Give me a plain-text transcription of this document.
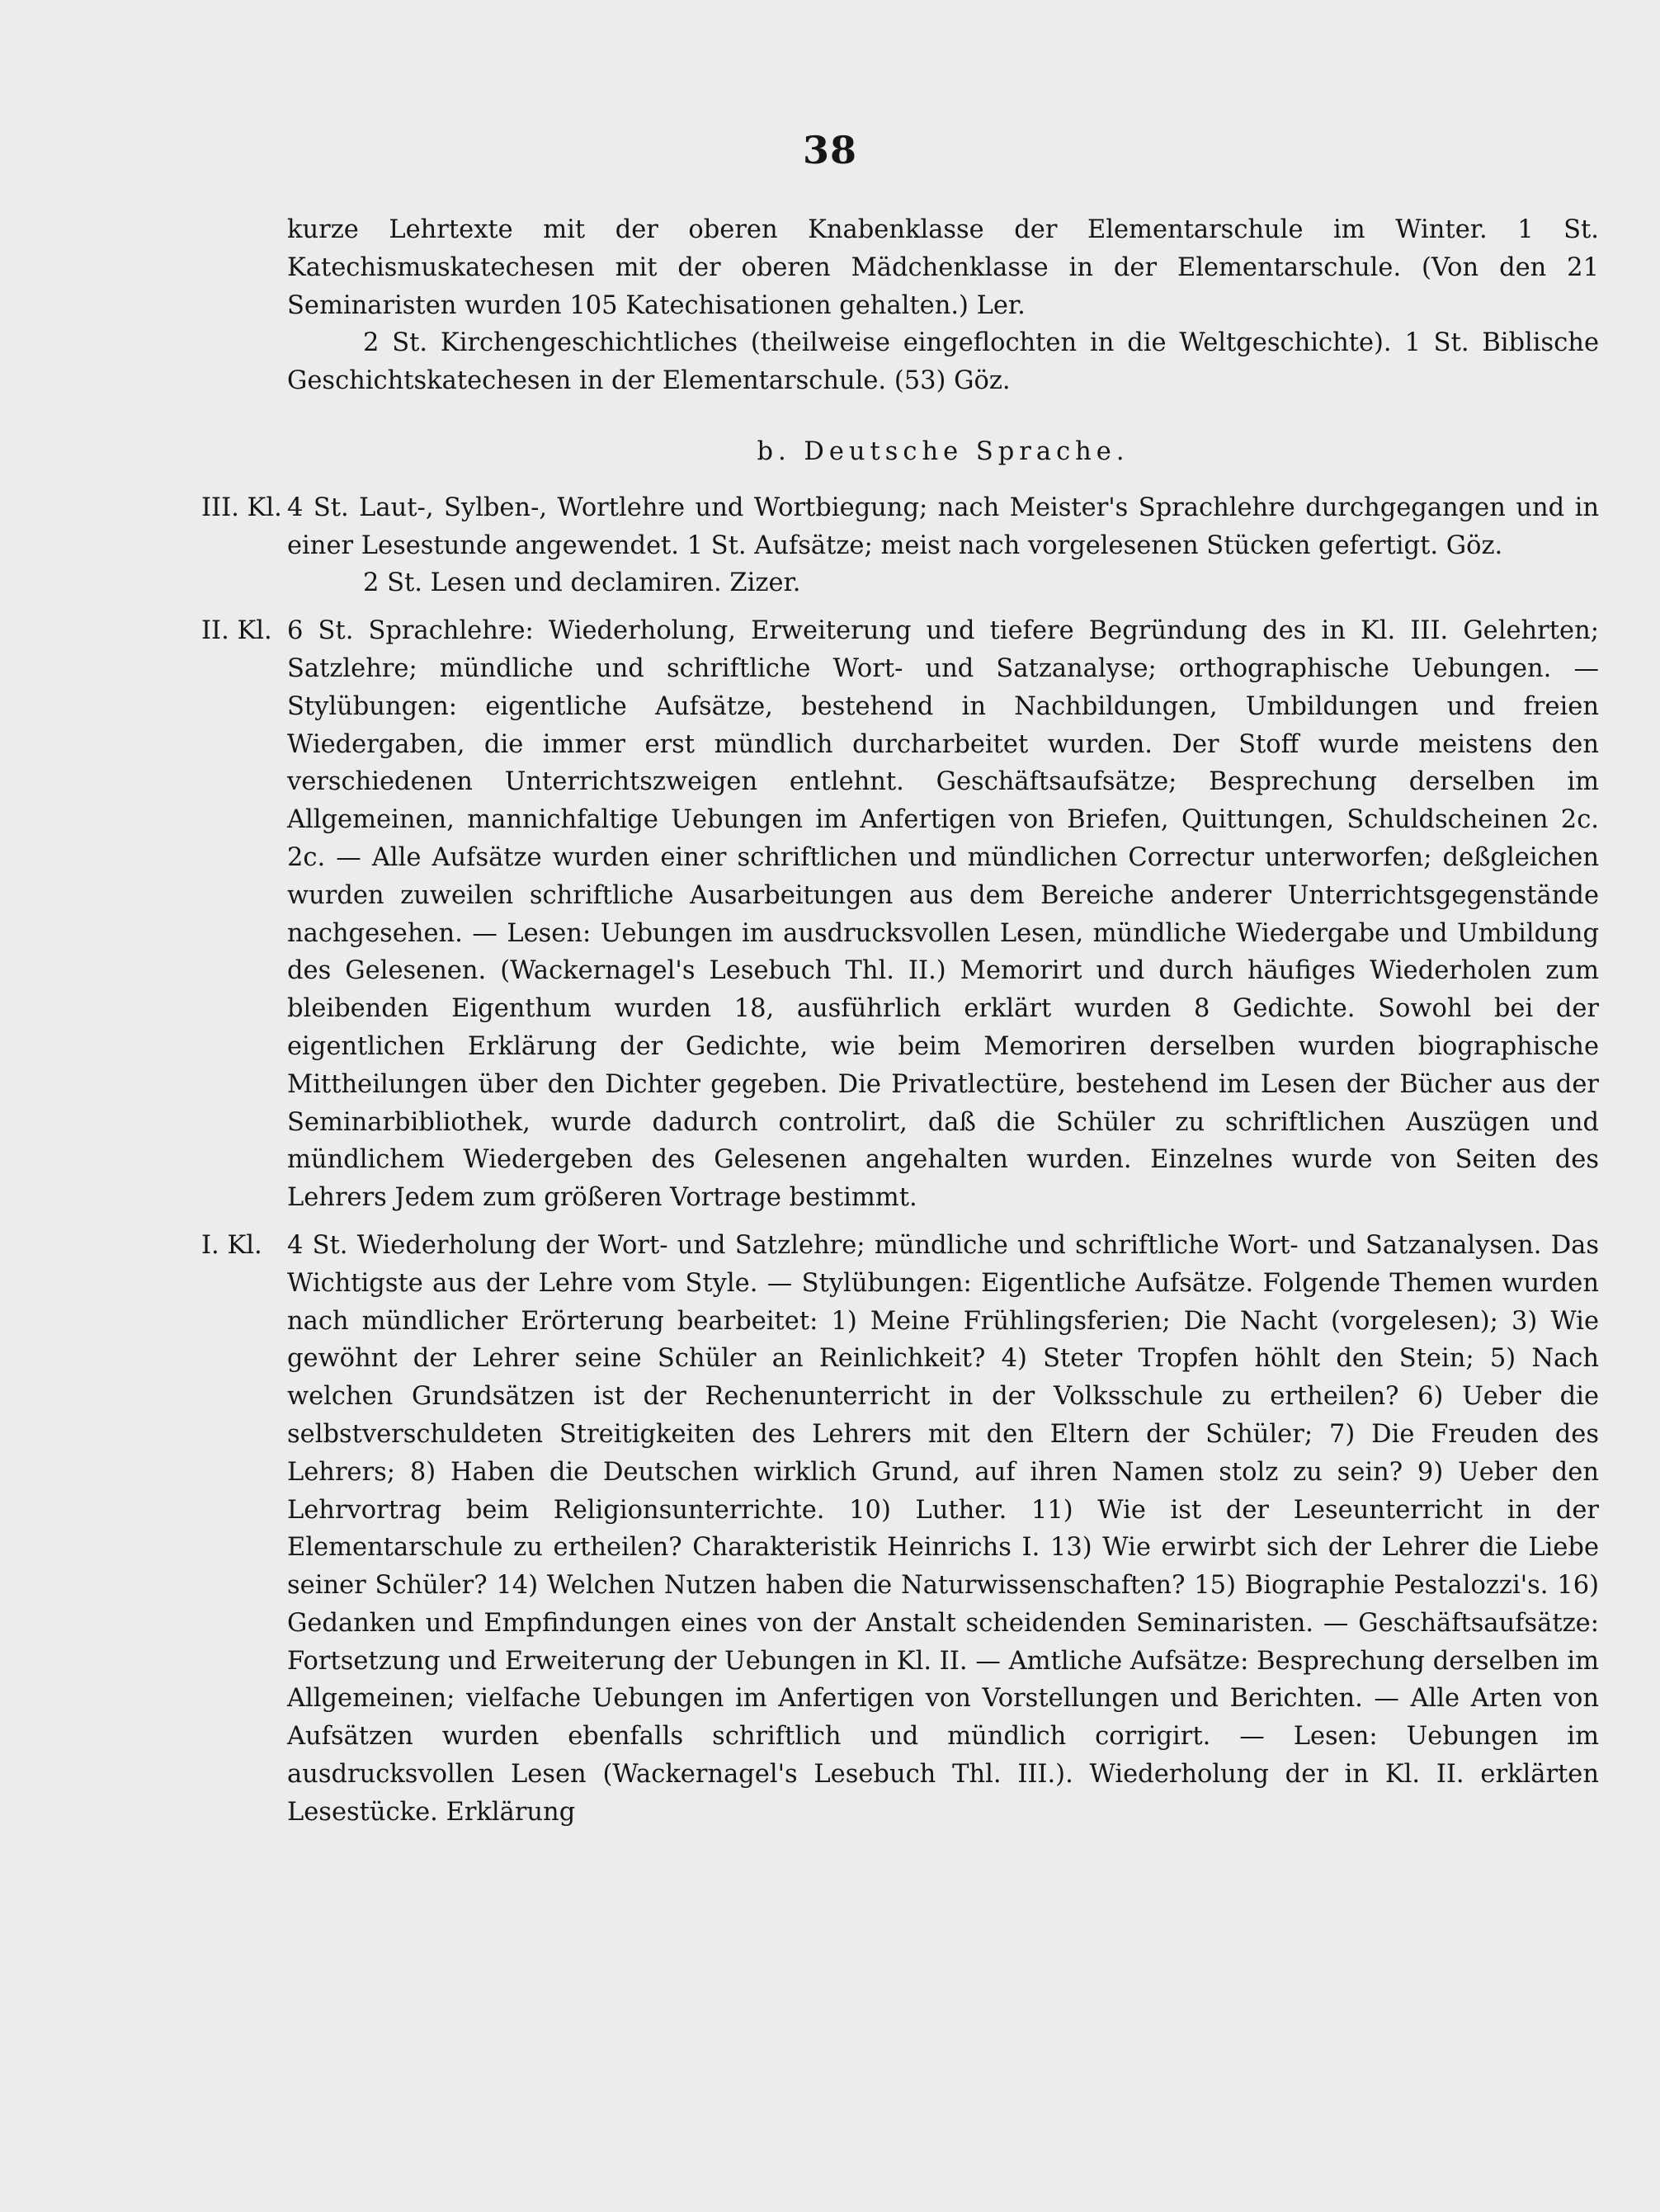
38

kurze Lehrtexte mit der oberen Knabenklasse der Elementarschule im Winter. 1 St. Katechismuskatechesen mit der oberen Mädchenklasse in der Elementarschule. (Von den 21 Seminaristen wurden 105 Katechisationen gehalten.) Ler.

2 St. Kirchengeschichtliches (theilweise eingeflochten in die Weltgeschichte). 1 St. Biblische Geschichtskatechesen in der Elementarschule. (53) Göz.

b. Deutsche Sprache.

III. Kl. 4 St. Laut-, Sylben-, Wortlehre und Wortbiegung; nach Meister's Sprachlehre durchgegangen und in einer Lesestunde angewendet. 1 St. Aufsätze; meist nach vorgelesenen Stücken gefertigt. Göz.

2 St. Lesen und declamiren. Zizer.

II. Kl. 6 St. Sprachlehre: Wiederholung, Erweiterung und tiefere Begründung des in Kl. III. Gelehrten; Satzlehre; mündliche und schriftliche Wort- und Satzanalyse; orthographische Uebungen. — Stylübungen: eigentliche Aufsätze, bestehend in Nachbildungen, Umbildungen und freien Wiedergaben, die immer erst mündlich durcharbeitet wurden. Der Stoff wurde meistens den verschiedenen Unterrichtszweigen entlehnt. Geschäftsaufsätze; Besprechung derselben im Allgemeinen, mannichfaltige Uebungen im Anfertigen von Briefen, Quittungen, Schuldscheinen 2c. 2c. — Alle Aufsätze wurden einer schriftlichen und mündlichen Correctur unterworfen; deßgleichen wurden zuweilen schriftliche Ausarbeitungen aus dem Bereiche anderer Unterrichtsgegenstände nachgesehen. — Lesen: Uebungen im ausdrucksvollen Lesen, mündliche Wiedergabe und Umbildung des Gelesenen. (Wackernagel's Lesebuch Thl. II.) Memorirt und durch häufiges Wiederholen zum bleibenden Eigenthum wurden 18, ausführlich erklärt wurden 8 Gedichte. Sowohl bei der eigentlichen Erklärung der Gedichte, wie beim Memoriren derselben wurden biographische Mittheilungen über den Dichter gegeben. Die Privatlectüre, bestehend im Lesen der Bücher aus der Seminarbibliothek, wurde dadurch controlirt, daß die Schüler zu schriftlichen Auszügen und mündlichem Wiedergeben des Gelesenen angehalten wurden. Einzelnes wurde von Seiten des Lehrers Jedem zum größeren Vortrage bestimmt.

I. Kl. 4 St. Wiederholung der Wort- und Satzlehre; mündliche und schriftliche Wort- und Satzanalysen. Das Wichtigste aus der Lehre vom Style. — Stylübungen: Eigentliche Aufsätze. Folgende Themen wurden nach mündlicher Erörterung bearbeitet: 1) Meine Frühlingsferien; Die Nacht (vorgelesen); 3) Wie gewöhnt der Lehrer seine Schüler an Reinlichkeit? 4) Steter Tropfen höhlt den Stein; 5) Nach welchen Grundsätzen ist der Rechenunterricht in der Volksschule zu ertheilen? 6) Ueber die selbstverschuldeten Streitigkeiten des Lehrers mit den Eltern der Schüler; 7) Die Freuden des Lehrers; 8) Haben die Deutschen wirklich Grund, auf ihren Namen stolz zu sein? 9) Ueber den Lehrvortrag beim Religionsunterrichte. 10) Luther. 11) Wie ist der Leseunterricht in der Elementarschule zu ertheilen? Charakteristik Heinrichs I. 13) Wie erwirbt sich der Lehrer die Liebe seiner Schüler? 14) Welchen Nutzen haben die Naturwissenschaften? 15) Biographie Pestalozzi's. 16) Gedanken und Empfindungen eines von der Anstalt scheidenden Seminaristen. — Geschäftsaufsätze: Fortsetzung und Erweiterung der Uebungen in Kl. II. — Amtliche Aufsätze: Besprechung derselben im Allgemeinen; vielfache Uebungen im Anfertigen von Vorstellungen und Berichten. — Alle Arten von Aufsätzen wurden ebenfalls schriftlich und mündlich corrigirt. — Lesen: Uebungen im ausdrucksvollen Lesen (Wackernagel's Lesebuch Thl. III.). Wiederholung der in Kl. II. erklärten Lesestücke. Erklärung
